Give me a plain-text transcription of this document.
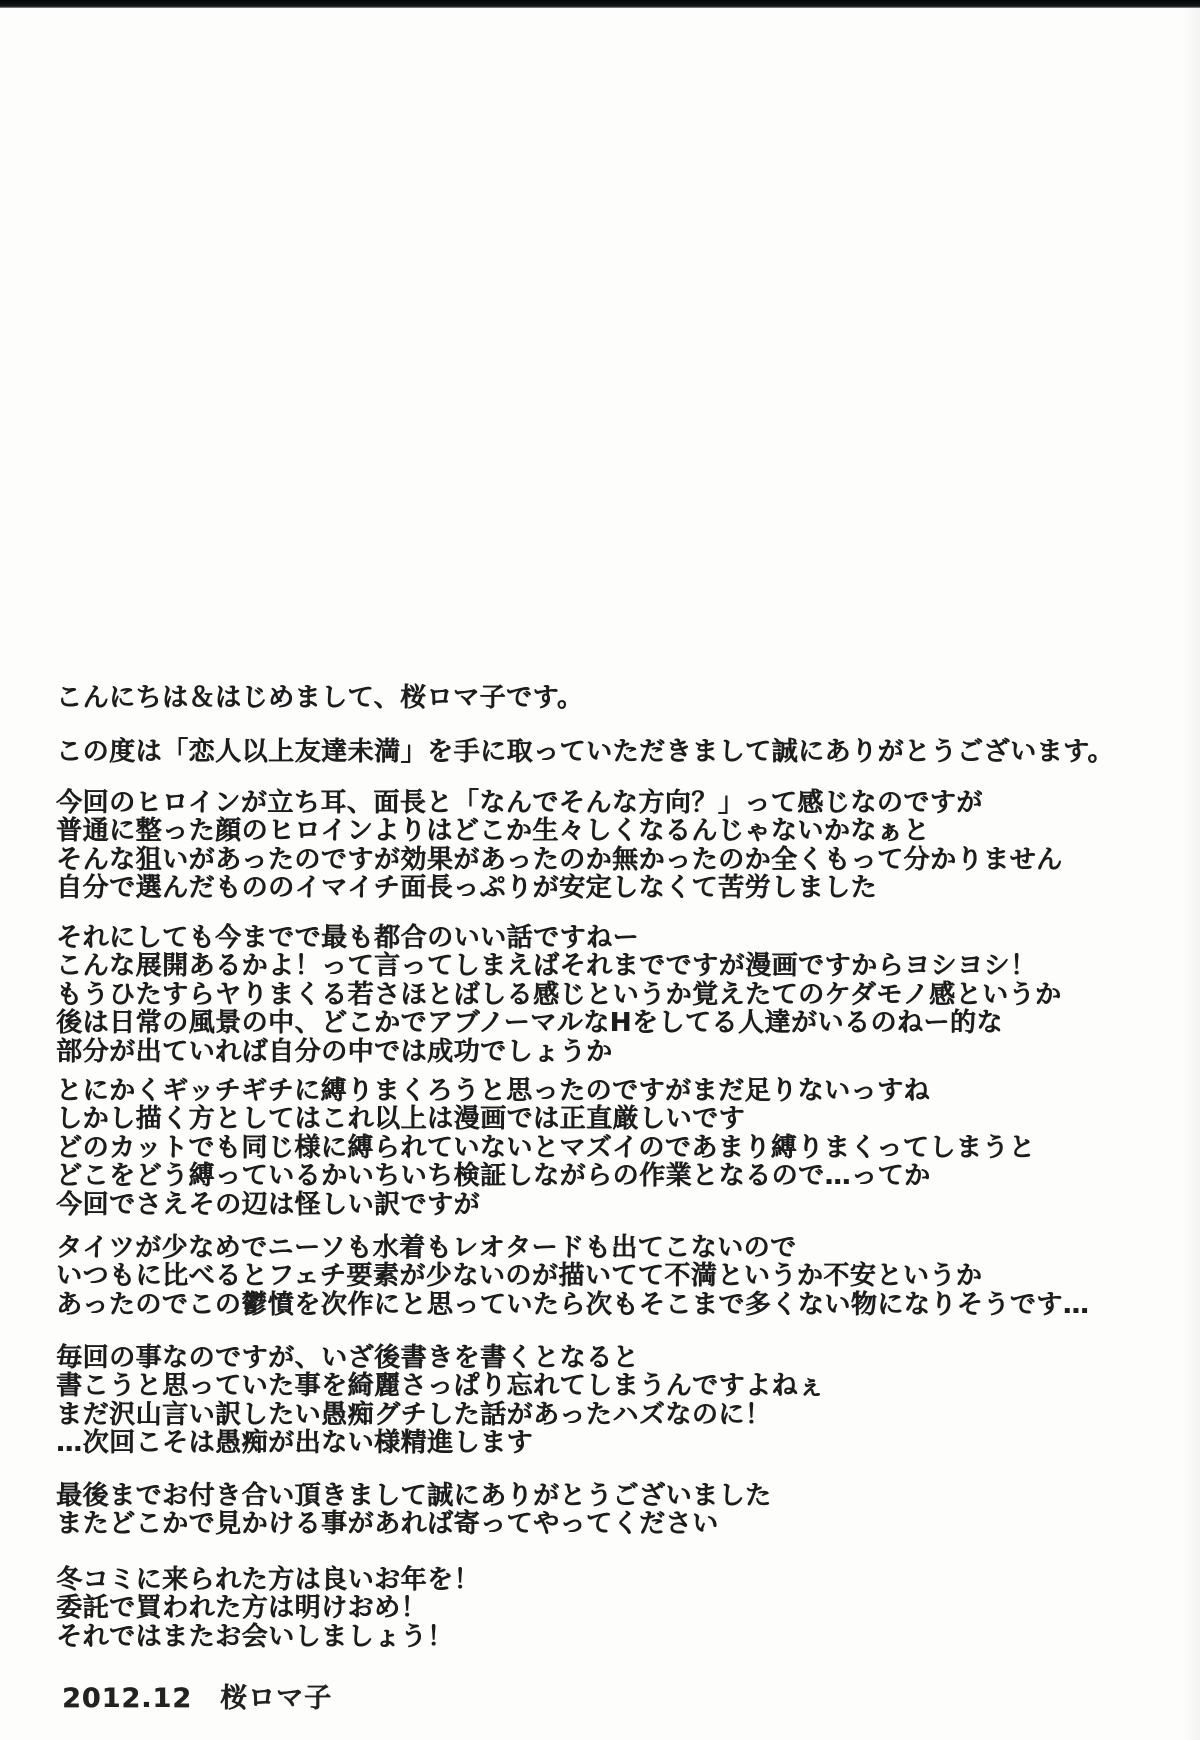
こんにちは＆はじめまして、桜ロマ子です。
この度は「恋人以上友達未満」を手に取っていただきまして誠にありがとうございます。
今回のヒロインが立ち耳、面長と「なんでそんな方向？」って感じなのですが
普通に整った顔のヒロインよりはどこか生々しくなるんじゃないかなぁと
そんな狙いがあったのですが効果があったのか無かったのか全くもって分かりません
自分で選んだもののイマイチ面長っぷりが安定しなくて苦労しました
それにしても今までで最も都合のいい話ですねー
こんな展開あるかよ！って言ってしまえばそれまでですが漫画ですからヨシヨシ！
もうひたすらヤりまくる若さほとばしる感じというか覚えたてのケダモノ感というか
後は日常の風景の中、どこかでアブノーマルなHをしてる人達がいるのねー的な
部分が出ていれば自分の中では成功でしょうか
とにかくギッチギチに縛りまくろうと思ったのですがまだ足りないっすね
しかし描く方としてはこれ以上は漫画では正直厳しいです
どのカットでも同じ様に縛られていないとマズイのであまり縛りまくってしまうと
どこをどう縛っているかいちいち検証しながらの作業となるので…ってか
今回でさえその辺は怪しい訳ですが
タイツが少なめでニーソも水着もレオタードも出てこないので
いつもに比べるとフェチ要素が少ないのが描いてて不満というか不安というか
あったのでこの鬱憤を次作にと思っていたら次もそこまで多くない物になりそうです…
毎回の事なのですが、いざ後書きを書くとなると
書こうと思っていた事を綺麗さっぱり忘れてしまうんですよねぇ
まだ沢山言い訳したい愚痴グチした話があったハズなのに！
…次回こそは愚痴が出ない様精進します
最後までお付き合い頂きまして誠にありがとうございました
またどこかで見かける事があれば寄ってやってください
冬コミに来られた方は良いお年を！
委託で買われた方は明けおめ！
それではまたお会いしましょう！
2012.12　桜ロマ子
